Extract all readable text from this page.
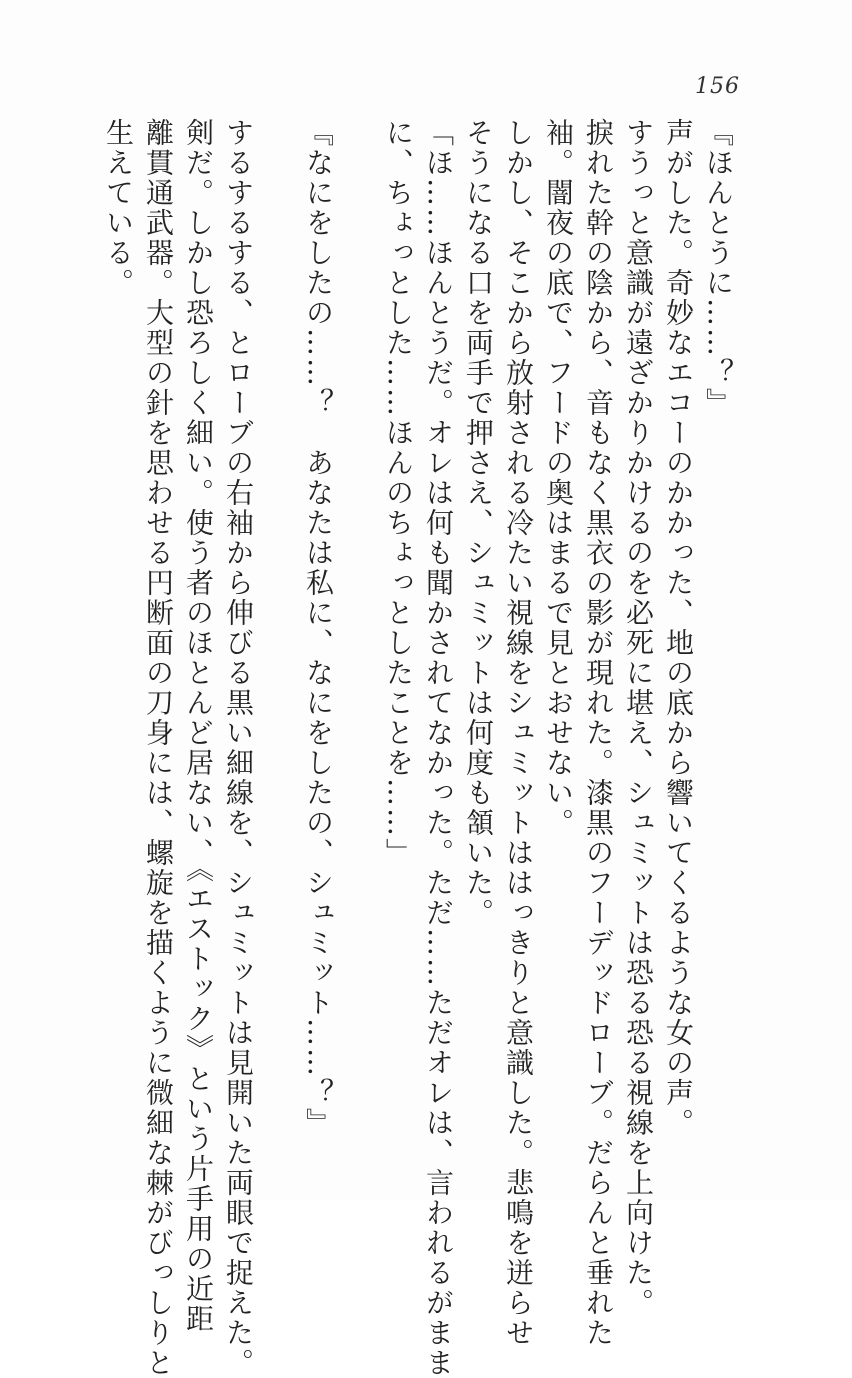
156
『ほんとうに……？』
声がした。奇妙なエコーのかかった、地の底から響いてくるような女の声。
すうっと意識が遠ざかりかけるのを必死に堪え、シュミットは恐る恐る視線を上向けた。
捩れた幹の陰から、音もなく黒衣の影が現れた。漆黒のフーデッドローブ。だらんと垂れた
袖。闇夜の底で、フードの奥はまるで見とおせない。
しかし、そこから放射される冷たい視線をシュミットははっきりと意識した。悲鳴を迸らせ
そうになる口を両手で押さえ、シュミットは何度も頷いた。
「ほ……ほんとうだ。オレは何も聞かされてなかった。ただ……ただオレは、言われるがまま
に、ちょっとした……ほんのちょっとしたことを……」
『なにをしたの……？　あなたは私に、なにをしたの、シュミット……？』
するするする、とローブの右袖から伸びる黒い細線を、シュミットは見開いた両眼で捉えた。
剣だ。しかし恐ろしく細い。使う者のほとんど居ない、《エストック》という片手用の近距
離貫通武器。大型の針を思わせる円断面の刀身には、螺旋を描くように微細な棘がびっしりと
生えている。
